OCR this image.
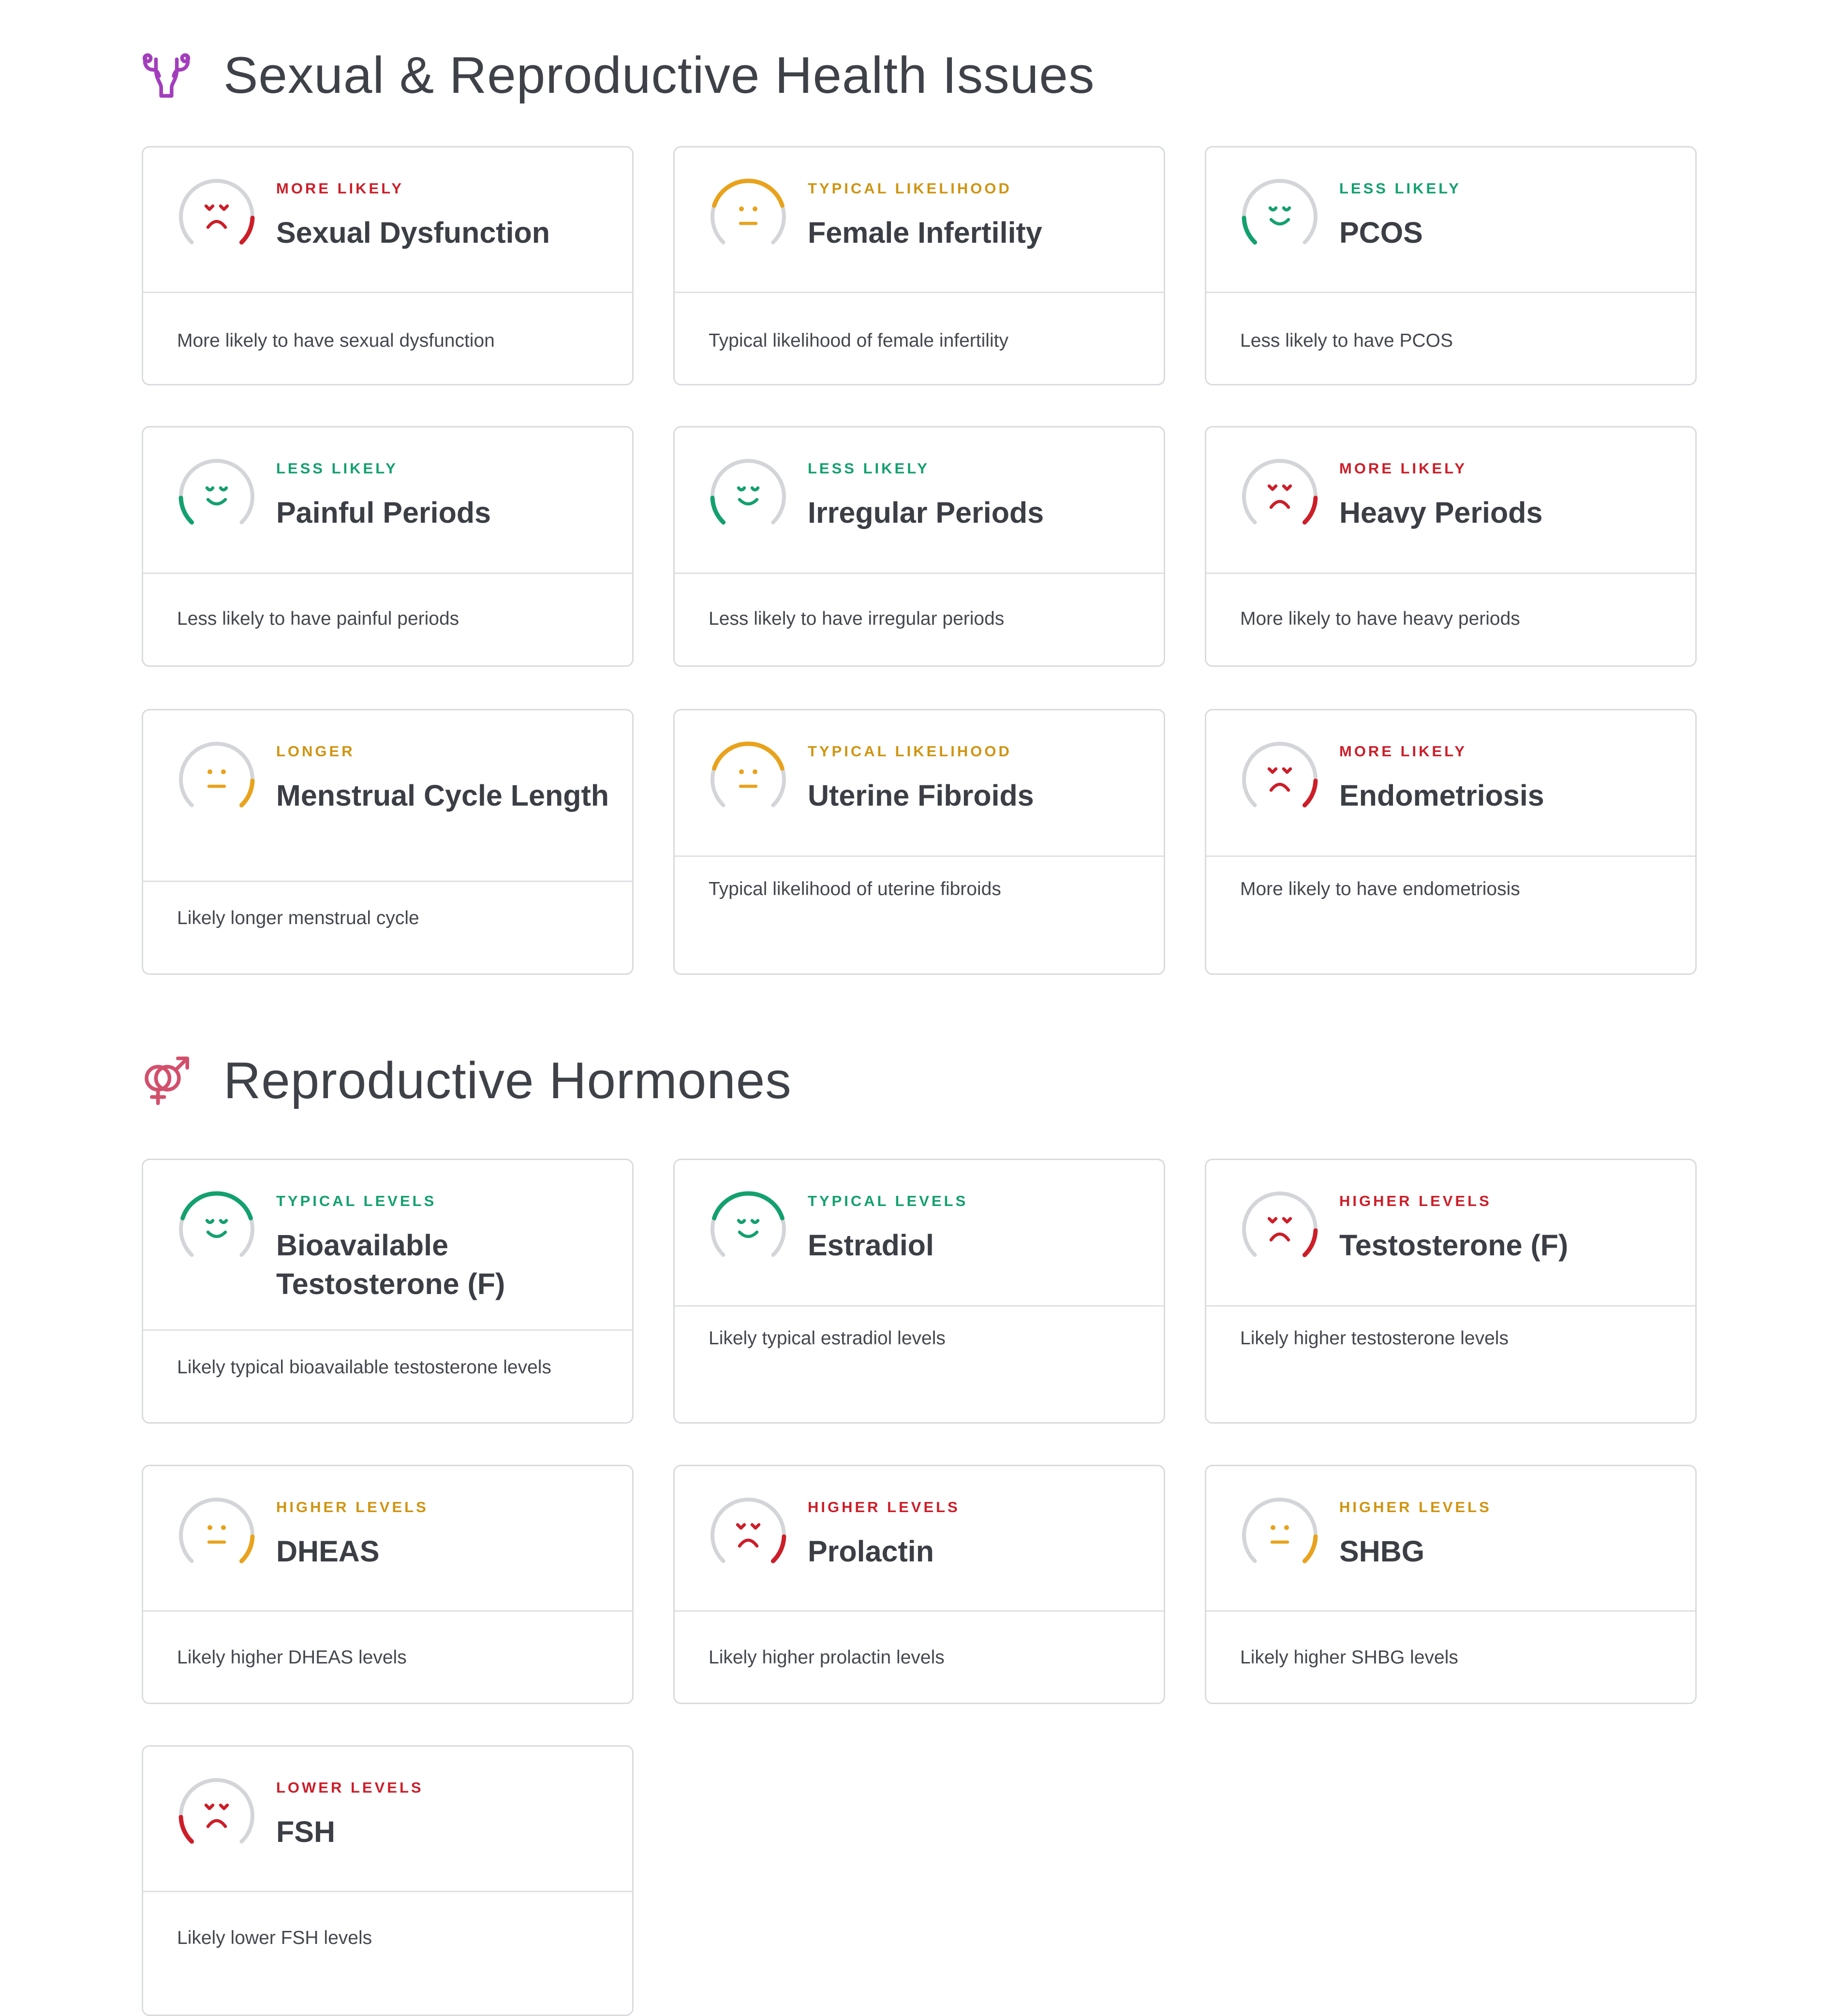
Sexual & Reproductive Health Issues
Reproductive Hormones
MORE LIKELY
Sexual Dysfunction
More likely to have sexual dysfunction
TYPICAL LIKELIHOOD
Female Infertility
Typical likelihood of female infertility
LESS LIKELY
PCOS
Less likely to have PCOS
LESS LIKELY
Painful Periods
Less likely to have painful periods
LESS LIKELY
Irregular Periods
Less likely to have irregular periods
MORE LIKELY
Heavy Periods
More likely to have heavy periods
LONGER
Menstrual Cycle Length
Likely longer menstrual cycle
TYPICAL LIKELIHOOD
Uterine Fibroids
Typical likelihood of uterine fibroids
MORE LIKELY
Endometriosis
More likely to have endometriosis
TYPICAL LEVELS
Bioavailable Testosterone (F)
Likely typical bioavailable testosterone levels
TYPICAL LEVELS
Estradiol
Likely typical estradiol levels
HIGHER LEVELS
Testosterone (F)
Likely higher testosterone levels
HIGHER LEVELS
DHEAS
Likely higher DHEAS levels
HIGHER LEVELS
Prolactin
Likely higher prolactin levels
HIGHER LEVELS
SHBG
Likely higher SHBG levels
LOWER LEVELS
FSH
Likely lower FSH levels
